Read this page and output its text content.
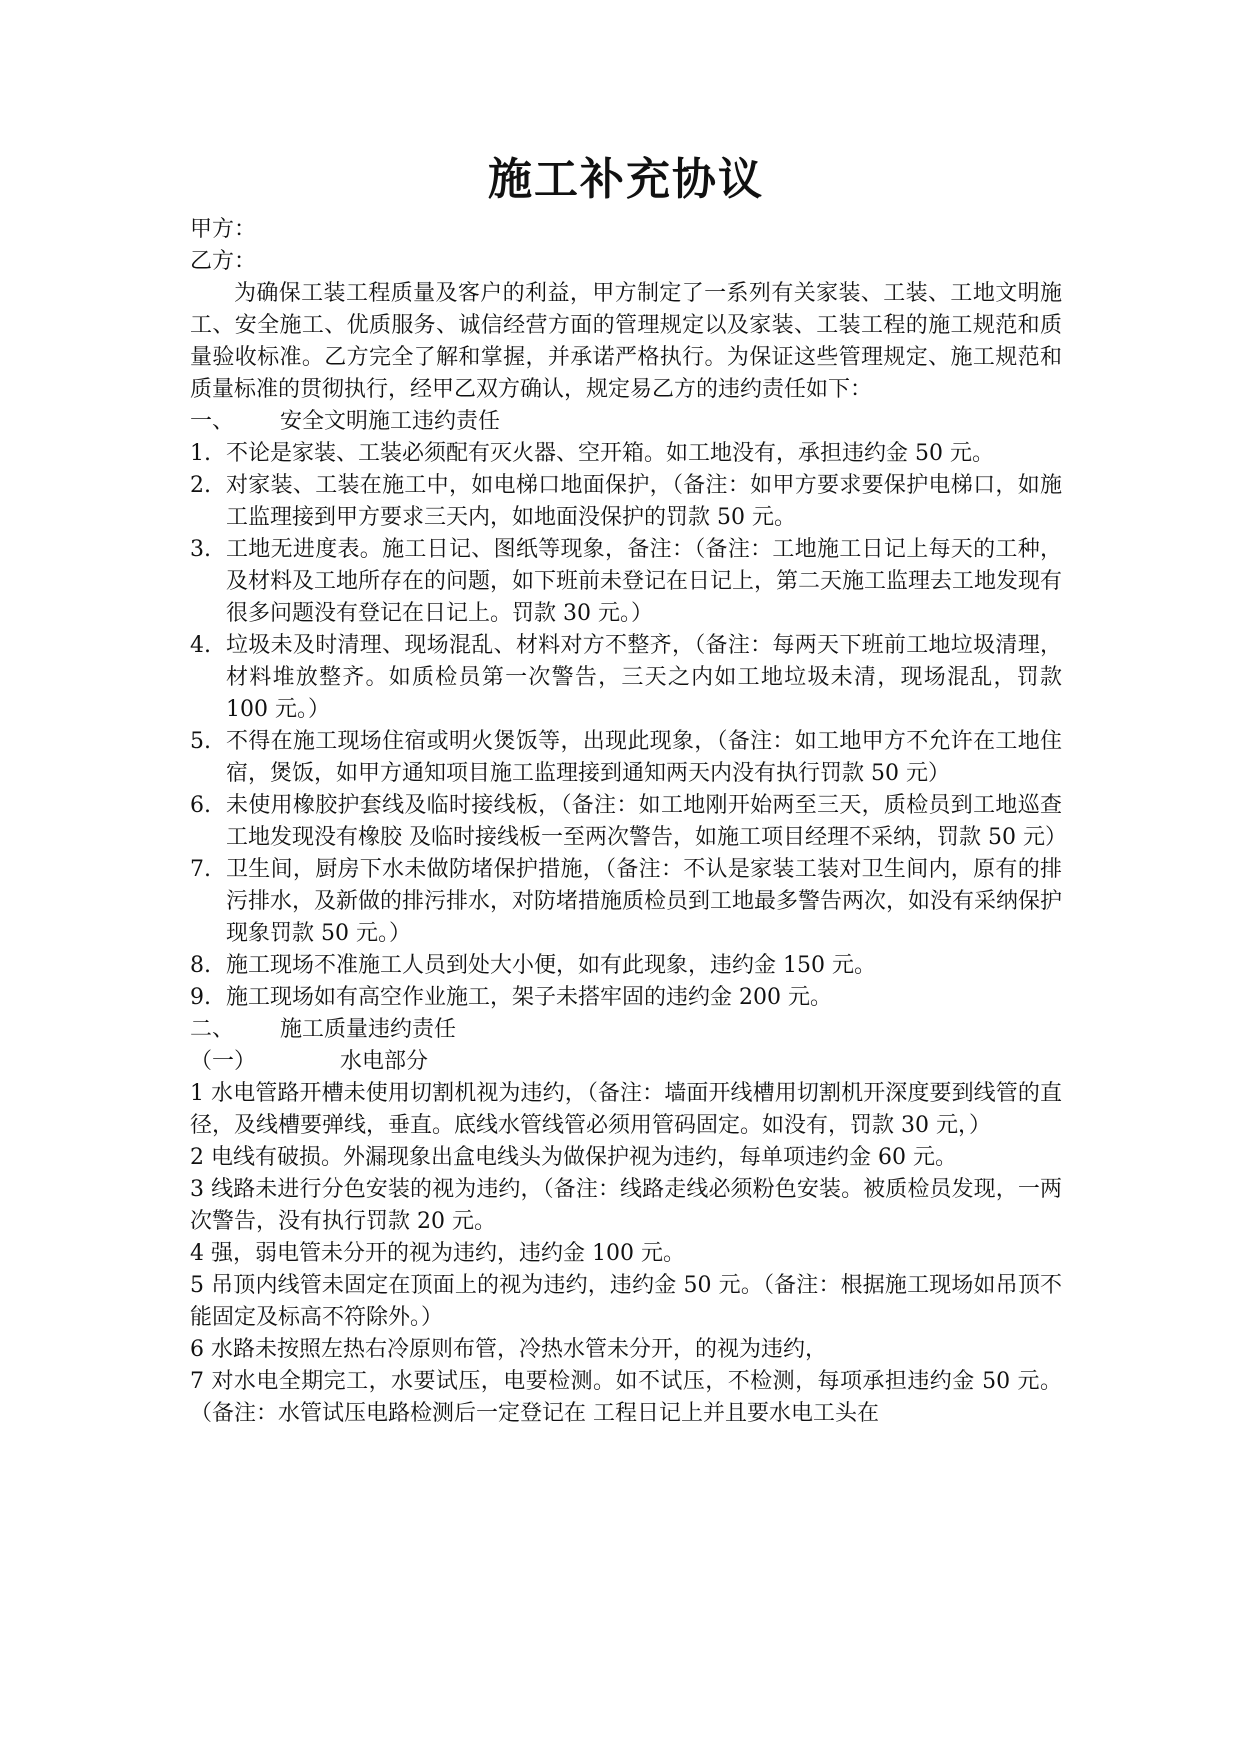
施工补充协议

甲方：

乙方：

为确保工装工程质量及客户的利益，甲方制定了一系列有关家装、工装、工地文明施工、安全施工、优质服务、诚信经营方面的管理规定以及家装、工装工程的施工规范和质量验收标准。乙方完全了解和掌握，并承诺严格执行。为保证这些管理规定、施工规范和质量标准的贯彻执行，经甲乙双方确认，规定易乙方的违约责任如下：

一、 安全文明施工违约责任

1. 不论是家装、工装必须配有灭火器、空开箱。如工地没有，承担违约金 50 元。
2. 对家装、工装在施工中，如电梯口地面保护，（备注：如甲方要求要保护电梯口，如施工监理接到甲方要求三天内，如地面没保护的罚款 50 元。
3. 工地无进度表。施工日记、图纸等现象，备注：（备注：工地施工日记上每天的工种，及材料及工地所存在的问题，如下班前未登记在日记上，第二天施工监理去工地发现有很多问题没有登记在日记上。罚款 30 元。）
4. 垃圾未及时清理、现场混乱、材料对方不整齐，（备注：每两天下班前工地垃圾清理，材料堆放整齐。如质检员第一次警告，三天之内如工地垃圾未清，现场混乱，罚款 100 元。）
5. 不得在施工现场住宿或明火煲饭等，出现此现象，（备注：如工地甲方不允许在工地住宿，煲饭，如甲方通知项目施工监理接到通知两天内没有执行罚款 50 元）
6. 未使用橡胶护套线及临时接线板，（备注：如工地刚开始两至三天，质检员到工地巡查工地发现没有橡胶 及临时接线板一至两次警告，如施工项目经理不采纳，罚款 50 元）
7. 卫生间，厨房下水未做防堵保护措施，（备注：不认是家装工装对卫生间内，原有的排污排水，及新做的排污排水，对防堵措施质检员到工地最多警告两次，如没有采纳保护现象罚款 50 元。）
8. 施工现场不准施工人员到处大小便，如有此现象，违约金 150 元。
9. 施工现场如有高空作业施工，架子未搭牢固的违约金 200 元。

二、 施工质量违约责任

（一）	水电部分

1 水电管路开槽未使用切割机视为违约，（备注：墙面开线槽用切割机开深度要到线管的直径，及线槽要弹线，垂直。底线水管线管必须用管码固定。如没有，罚款 30 元，）

2 电线有破损。外漏现象出盒电线头为做保护视为违约，每单项违约金 60 元。

3 线路未进行分色安装的视为违约，（备注：线路走线必须粉色安装。被质检员发现，一两次警告，没有执行罚款 20 元。

4 强，弱电管未分开的视为违约，违约金 100 元。

5 吊顶内线管未固定在顶面上的视为违约，违约金 50 元。（备注：根据施工现场如吊顶不能固定及标高不符除外。）

6 水路未按照左热右冷原则布管，冷热水管未分开，的视为违约，

7 对水电全期完工，水要试压，电要检测。如不试压，不检测，每项承担违约金 50 元。（备注：水管试压电路检测后一定登记在 工程日记上并且要水电工头在
